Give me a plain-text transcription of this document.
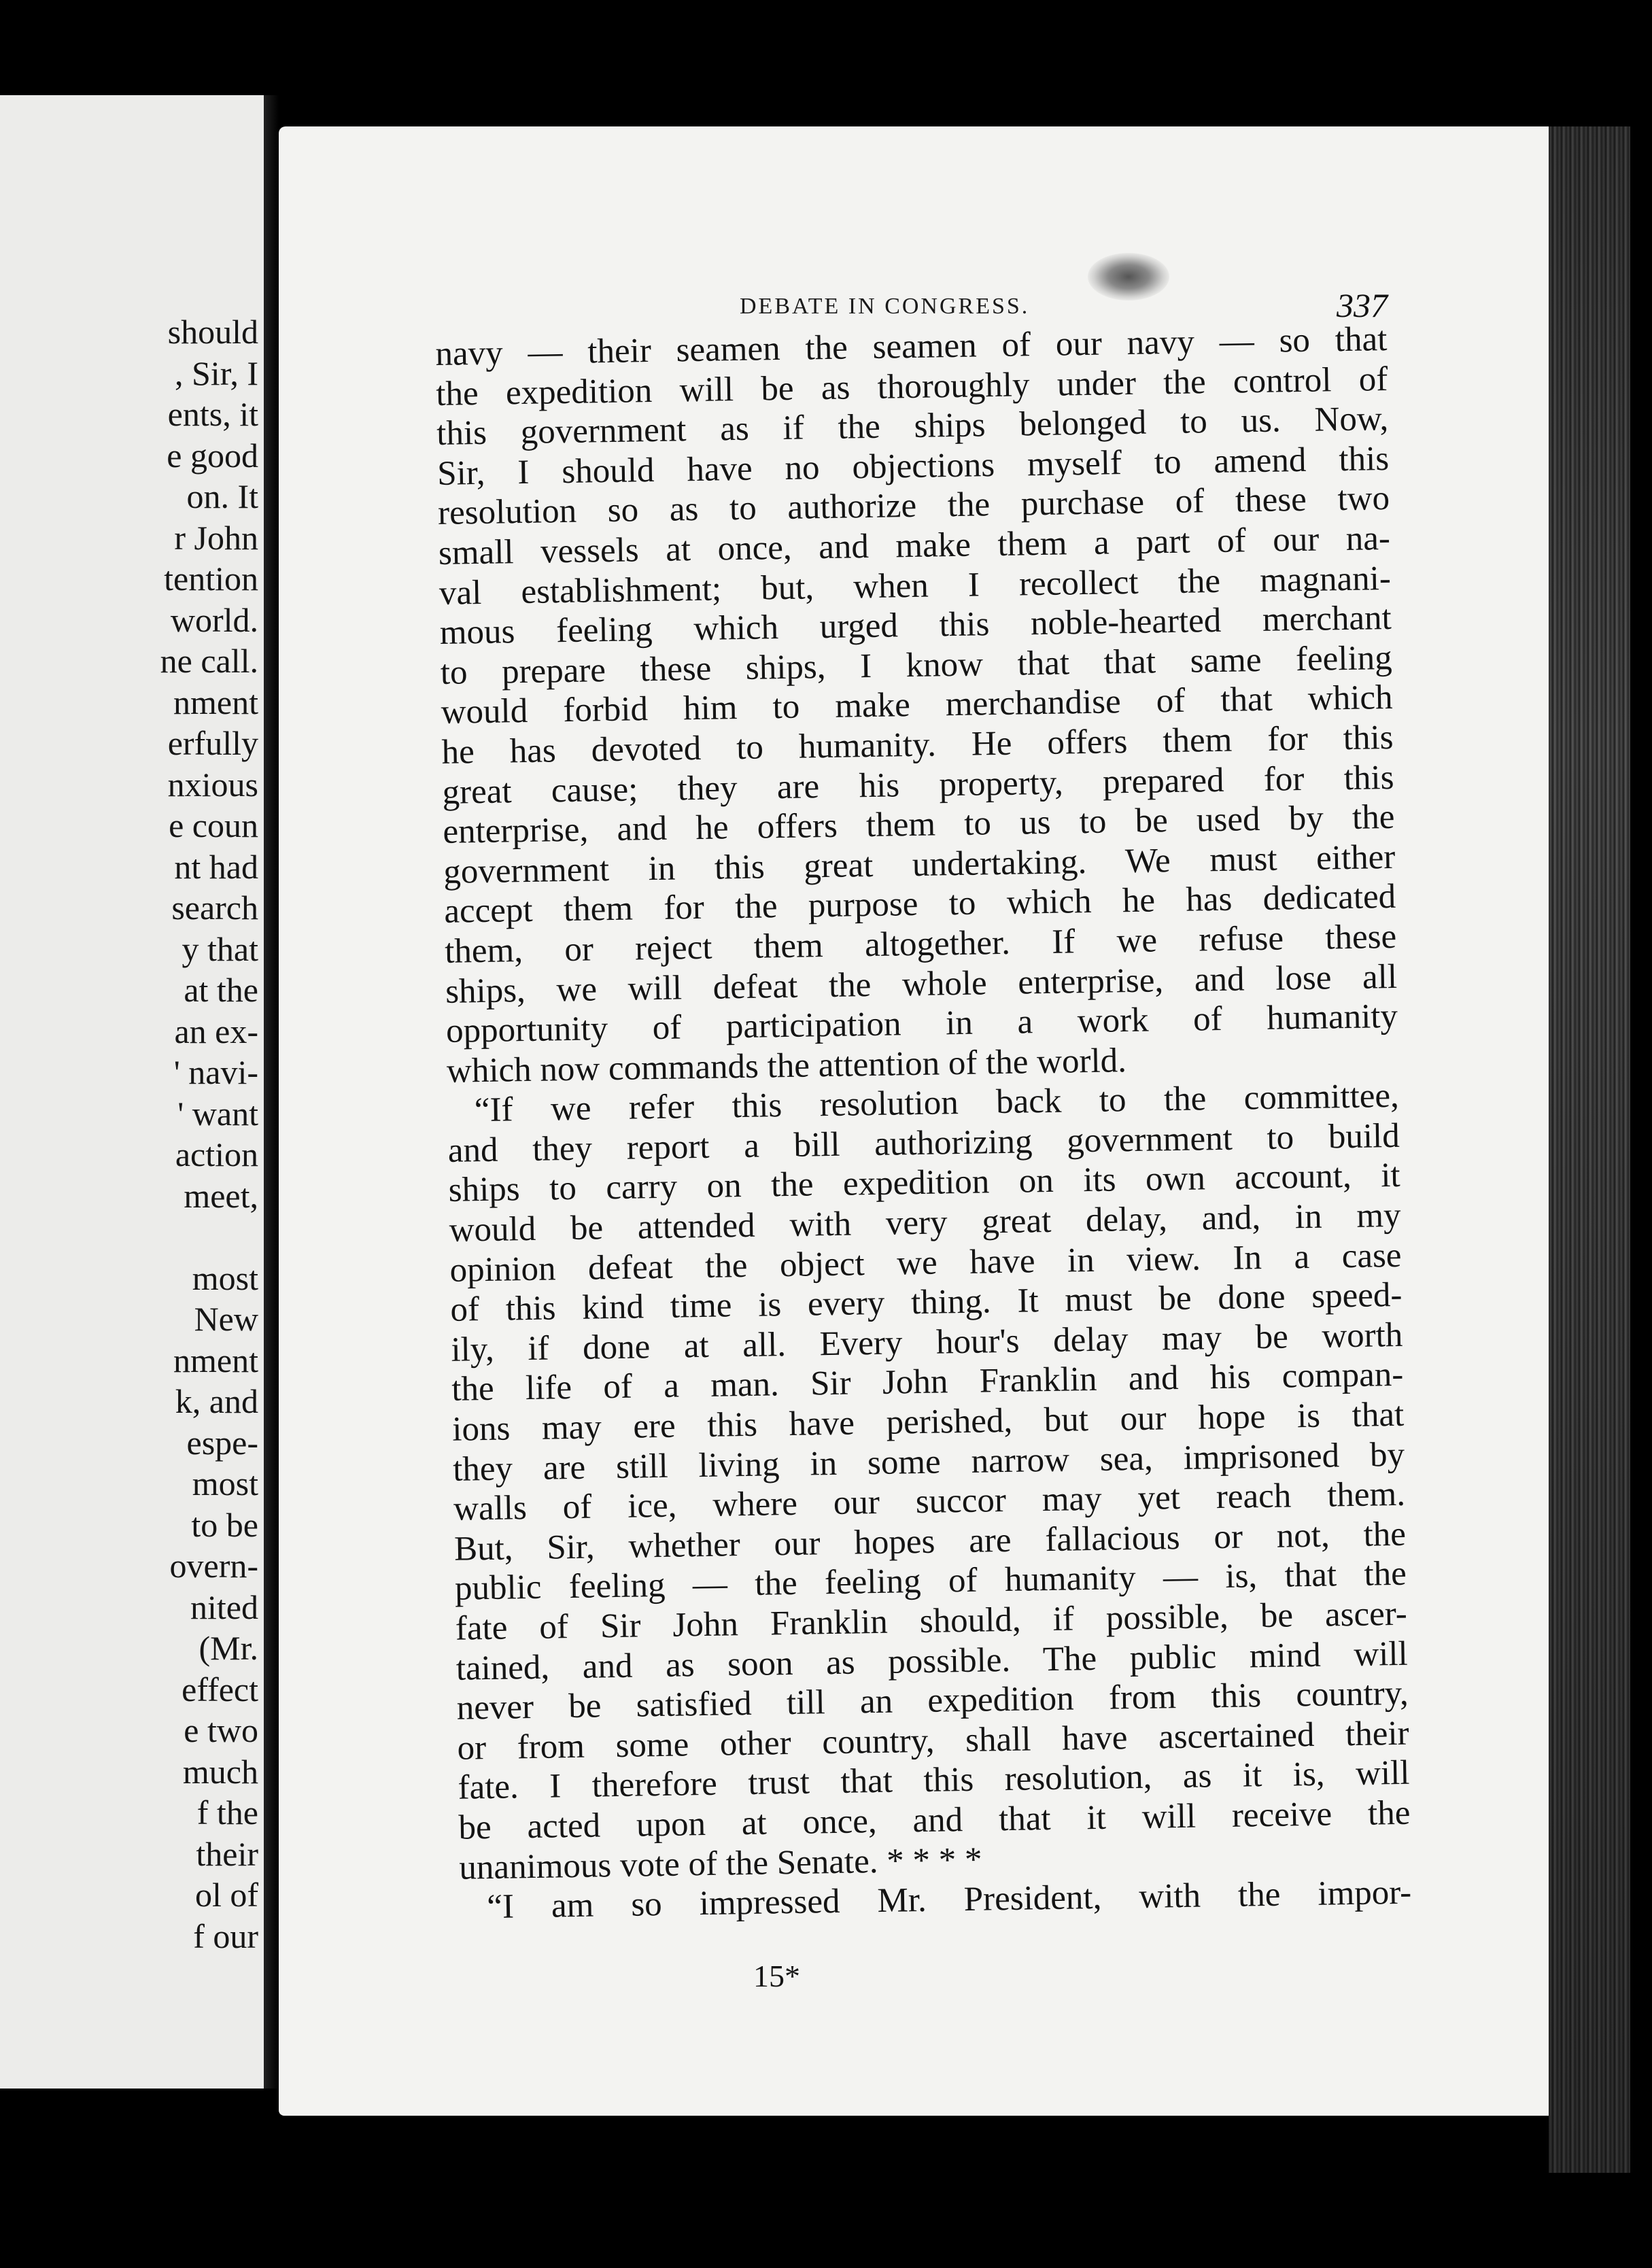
should
, Sir, I
ents, it
e good
on. It
r John
tention
world.
ne call.
nment
erfully
nxious
e coun
nt had
search
y that
at the
an ex-
' navi-
' want
action
meet,
most
New
nment
k, and
espe-
most
to be
overn-
nited
(Mr.
effect
e two
much
f the
their
ol of
f our
DEBATE IN CONGRESS.	337
navy — their seamen the seamen of our navy — so that
the expedition will be as thoroughly under the control of
this government as if the ships belonged to us. Now,
Sir, I should have no objections myself to amend this
resolution so as to authorize the purchase of these two
small vessels at once, and make them a part of our na-
val establishment; but, when I recollect the magnani-
mous feeling which urged this noble-hearted merchant
to prepare these ships, I know that that same feeling
would forbid him to make merchandise of that which
he has devoted to humanity. He offers them for this
great cause; they are his property, prepared for this
enterprise, and he offers them to us to be used by the
government in this great undertaking. We must either
accept them for the purpose to which he has dedicated
them, or reject them altogether. If we refuse these
ships, we will defeat the whole enterprise, and lose all
opportunity of participation in a work of humanity
which now commands the attention of the world.
“If we refer this resolution back to the committee,
and they report a bill authorizing government to build
ships to carry on the expedition on its own account, it
would be attended with very great delay, and, in my
opinion defeat the object we have in view. In a case
of this kind time is every thing. It must be done speed-
ily, if done at all. Every hour's delay may be worth
the life of a man. Sir John Franklin and his compan-
ions may ere this have perished, but our hope is that
they are still living in some narrow sea, imprisoned by
walls of ice, where our succor may yet reach them.
But, Sir, whether our hopes are fallacious or not, the
public feeling — the feeling of humanity — is, that the
fate of Sir John Franklin should, if possible, be ascer-
tained, and as soon as possible. The public mind will
never be satisfied till an expedition from this country,
or from some other country, shall have ascertained their
fate. I therefore trust that this resolution, as it is, will
be acted upon at once, and that it will receive the
unanimous vote of the Senate. * * * *
“I am so impressed Mr. President, with the impor-
15*
